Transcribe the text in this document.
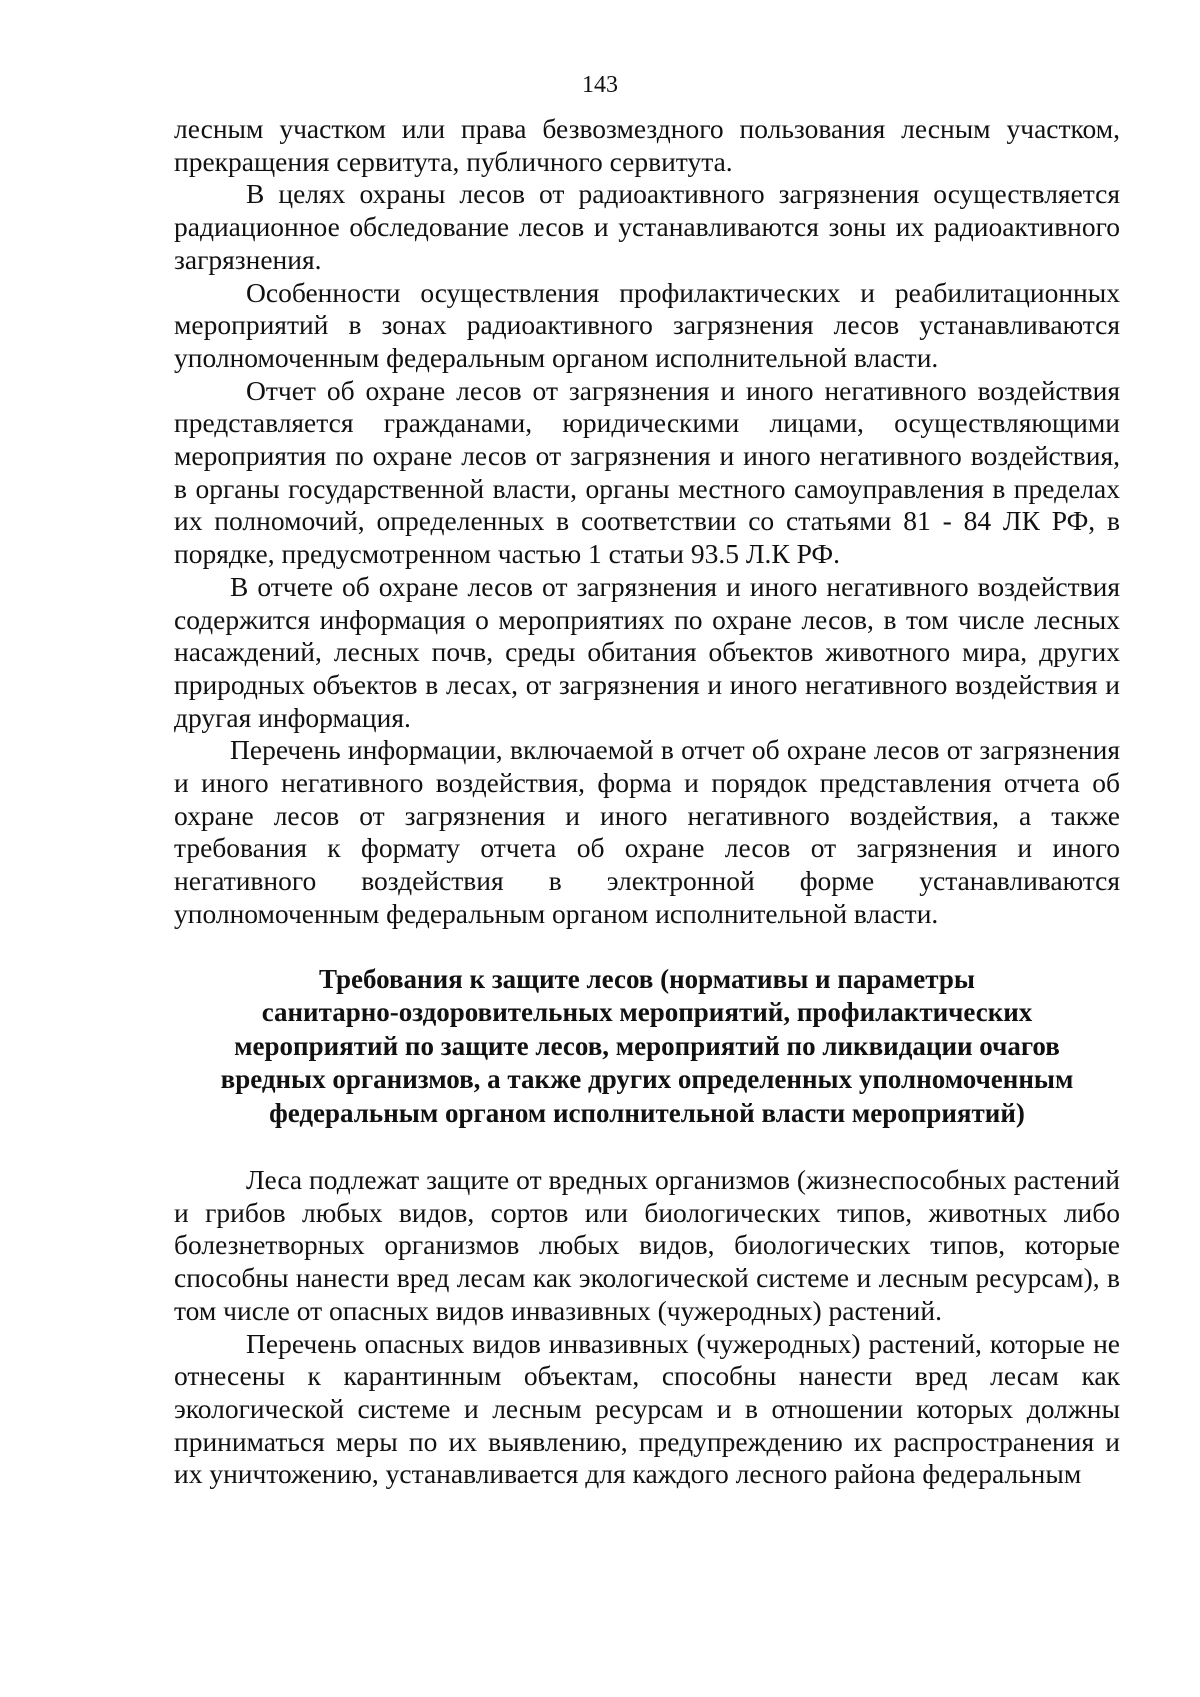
143

лесным участком или права безвозмездного пользования лесным участком, прекращения сервитута, публичного сервитута.

В целях охраны лесов от радиоактивного загрязнения осуществляется радиационное обследование лесов и устанавливаются зоны их радиоактивного загрязнения.

Особенности осуществления профилактических и реабилитационных мероприятий в зонах радиоактивного загрязнения лесов устанавливаются уполномоченным федеральным органом исполнительной власти.

Отчет об охране лесов от загрязнения и иного негативного воздействия представляется гражданами, юридическими лицами, осуществляющими мероприятия по охране лесов от загрязнения и иного негативного воздействия, в органы государственной власти, органы местного самоуправления в пределах их полномочий, определенных в соответствии со статьями 81 - 84 ЛК РФ, в порядке, предусмотренном частью 1 статьи 93.5 Л.К РФ.

В отчете об охране лесов от загрязнения и иного негативного воздействия содержится информация о мероприятиях по охране лесов, в том числе лесных насаждений, лесных почв, среды обитания объектов животного мира, других природных объектов в лесах, от загрязнения и иного негативного воздействия и другая информация.

Перечень информации, включаемой в отчет об охране лесов от загрязнения и иного негативного воздействия, форма и порядок представления отчета об охране лесов от загрязнения и иного негативного воздействия, а также требования к формату отчета об охране лесов от загрязнения и иного негативного воздействия в электронной форме устанавливаются уполномоченным федеральным органом исполнительной власти.

Требования к защите лесов (нормативы и параметры
санитарно-оздоровительных мероприятий, профилактических
мероприятий по защите лесов, мероприятий по ликвидации очагов
вредных организмов, а также других определенных уполномоченным
федеральным органом исполнительной власти мероприятий)

Леса подлежат защите от вредных организмов (жизнеспособных растений и грибов любых видов, сортов или биологических типов, животных либо болезнетворных организмов любых видов, биологических типов, которые способны нанести вред лесам как экологической системе и лесным ресурсам), в том числе от опасных видов инвазивных (чужеродных) растений.

Перечень опасных видов инвазивных (чужеродных) растений, которые не отнесены к карантинным объектам, способны нанести вред лесам как экологической системе и лесным ресурсам и в отношении которых должны приниматься меры по их выявлению, предупреждению их распространения и их уничтожению, устанавливается для каждого лесного района федеральным
